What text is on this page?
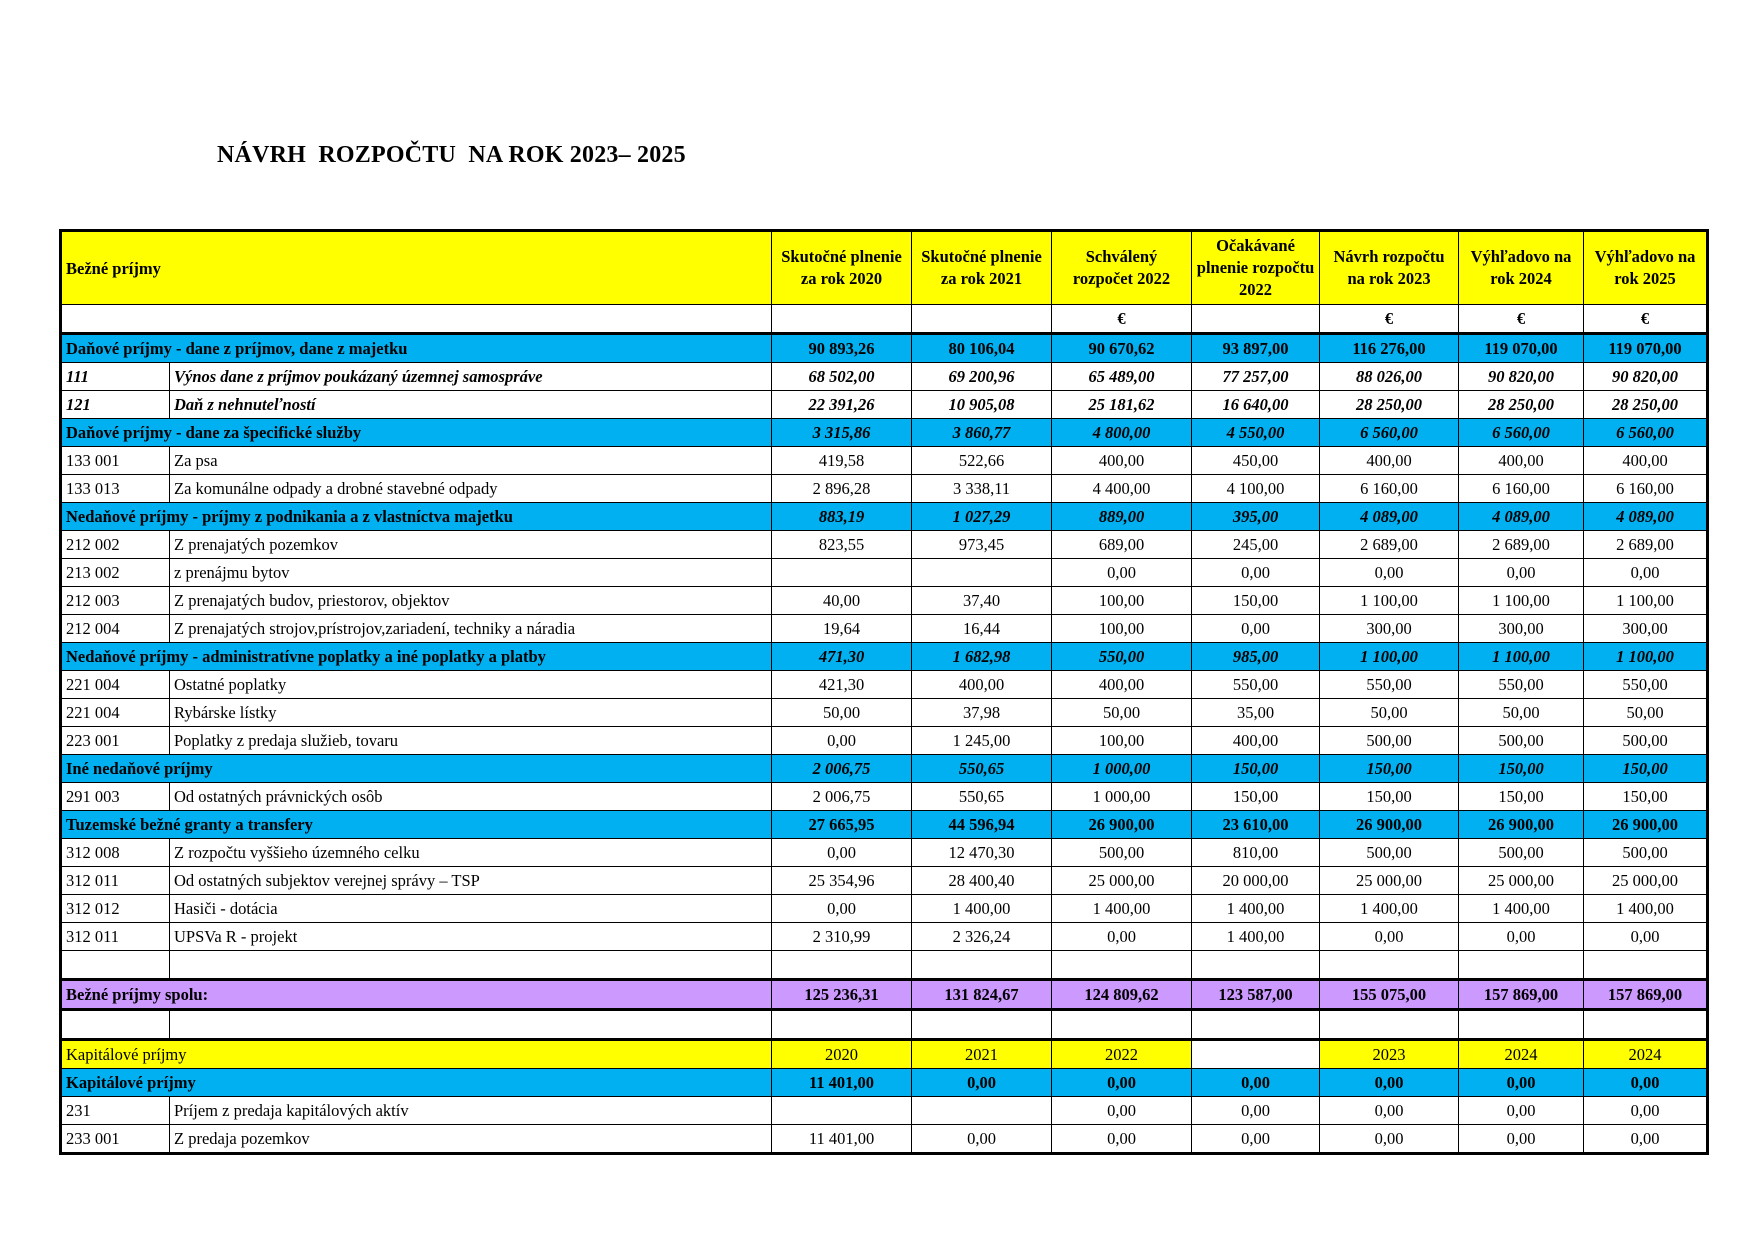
NÁVRH  ROZPOČTU  NA ROK 2023– 2025
Bežné príjmy		Skutočné plnenie za rok 2020	Skutočné plnenie za rok 2021	Schválený rozpočet 2022	Očakávané plnenie rozpočtu 2022	Návrh rozpočtu na rok 2023	Výhľadovo na rok 2024	Výhľadovo na rok 2025
				€		€	€	€
Daňové príjmy - dane z príjmov, dane z majetku		90 893,26	80 106,04	90 670,62	93 897,00	116 276,00	119 070,00	119 070,00
111	Výnos dane z príjmov poukázaný územnej samospráve	68 502,00	69 200,96	65 489,00	77 257,00	88 026,00	90 820,00	90 820,00
121	Daň z nehnuteľností	22 391,26	10 905,08	25 181,62	16 640,00	28 250,00	28 250,00	28 250,00
Daňové príjmy - dane za špecifické služby		3 315,86	3 860,77	4 800,00	4 550,00	6 560,00	6 560,00	6 560,00
133 001	Za psa	419,58	522,66	400,00	450,00	400,00	400,00	400,00
133 013	Za komunálne odpady a drobné stavebné odpady	2 896,28	3 338,11	4 400,00	4 100,00	6 160,00	6 160,00	6 160,00
Nedaňové príjmy - príjmy z podnikania a z vlastníctva majetku		883,19	1 027,29	889,00	395,00	4 089,00	4 089,00	4 089,00
212 002	Z prenajatých pozemkov	823,55	973,45	689,00	245,00	2 689,00	2 689,00	2 689,00
213 002	z prenájmu bytov			0,00	0,00	0,00	0,00	0,00
212 003	Z prenajatých budov, priestorov, objektov	40,00	37,40	100,00	150,00	1 100,00	1 100,00	1 100,00
212 004	Z prenajatých strojov,prístrojov,zariadení, techniky a náradia	19,64	16,44	100,00	0,00	300,00	300,00	300,00
Nedaňové príjmy - administratívne poplatky a iné poplatky a platby		471,30	1 682,98	550,00	985,00	1 100,00	1 100,00	1 100,00
221 004	Ostatné poplatky	421,30	400,00	400,00	550,00	550,00	550,00	550,00
221 004	Rybárske lístky	50,00	37,98	50,00	35,00	50,00	50,00	50,00
223 001	Poplatky z predaja služieb, tovaru	0,00	1 245,00	100,00	400,00	500,00	500,00	500,00
Iné nedaňové príjmy		2 006,75	550,65	1 000,00	150,00	150,00	150,00	150,00
291 003	Od ostatných právnických osôb	2 006,75	550,65	1 000,00	150,00	150,00	150,00	150,00
Tuzemské bežné granty a transfery		27 665,95	44 596,94	26 900,00	23 610,00	26 900,00	26 900,00	26 900,00
312 008	Z rozpočtu vyššieho územného celku	0,00	12 470,30	500,00	810,00	500,00	500,00	500,00
312 011	Od ostatných subjektov verejnej správy – TSP	25 354,96	28 400,40	25 000,00	20 000,00	25 000,00	25 000,00	25 000,00
312 012	Hasiči - dotácia	0,00	1 400,00	1 400,00	1 400,00	1 400,00	1 400,00	1 400,00
312 011	UPSVa R - projekt	2 310,99	2 326,24	0,00	1 400,00	0,00	0,00	0,00

Bežné príjmy spolu:		125 236,31	131 824,67	124 809,62	123 587,00	155 075,00	157 869,00	157 869,00

Kapitálové príjmy		2020	2021	2022		2023	2024	2024
Kapitálové príjmy		11 401,00	0,00	0,00	0,00	0,00	0,00	0,00
231	Príjem z predaja kapitálových aktív			0,00	0,00	0,00	0,00	0,00
233 001	Z predaja pozemkov	11 401,00	0,00	0,00	0,00	0,00	0,00	0,00
